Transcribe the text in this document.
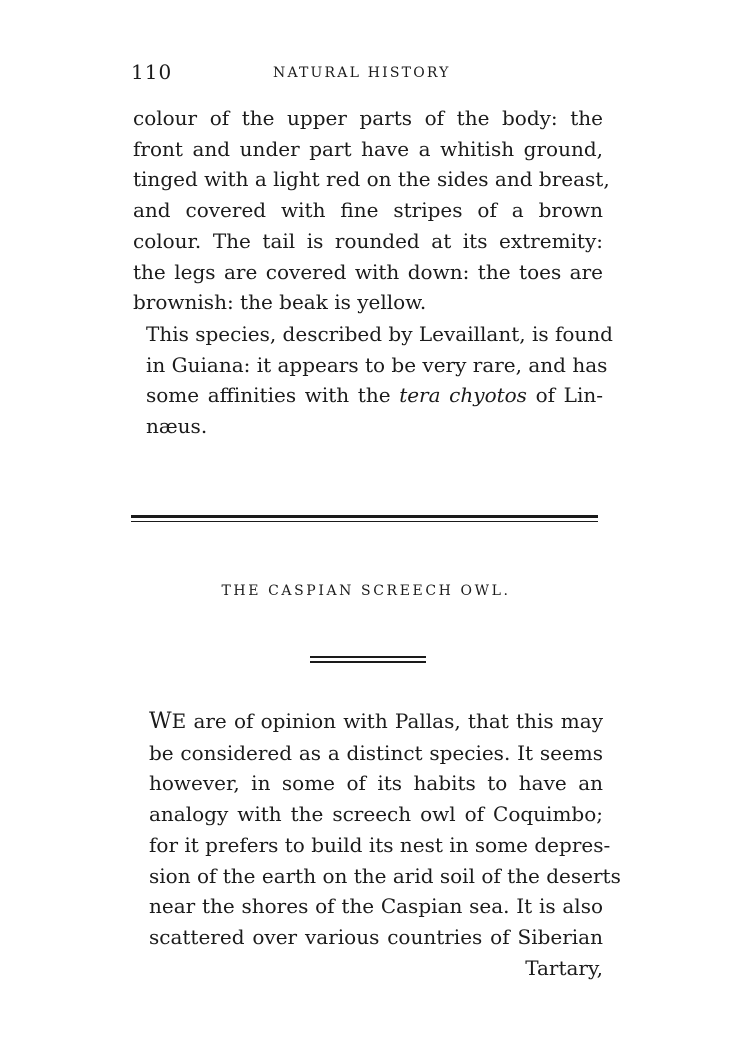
110	NATURAL HISTORY

colour of the upper parts of the body: the
front and under part have a whitish ground,
tinged with a light red on the sides and breast,
and covered with fine stripes of a brown
colour. The tail is rounded at its extremity:
the legs are covered with down: the toes are
brownish: the beak is yellow.

This species, described by Levaillant, is found
in Guiana: it appears to be very rare, and has
some affinities with the tera chyotos of Lin-
næus.

THE CASPIAN SCREECH OWL.

WE are of opinion with Pallas, that this may
be considered as a distinct species. It seems
however, in some of its habits to have an
analogy with the screech owl of Coquimbo;
for it prefers to build its nest in some depres-
sion of the earth on the arid soil of the deserts
near the shores of the Caspian sea. It is also
scattered over various countries of Siberian
Tartary,
